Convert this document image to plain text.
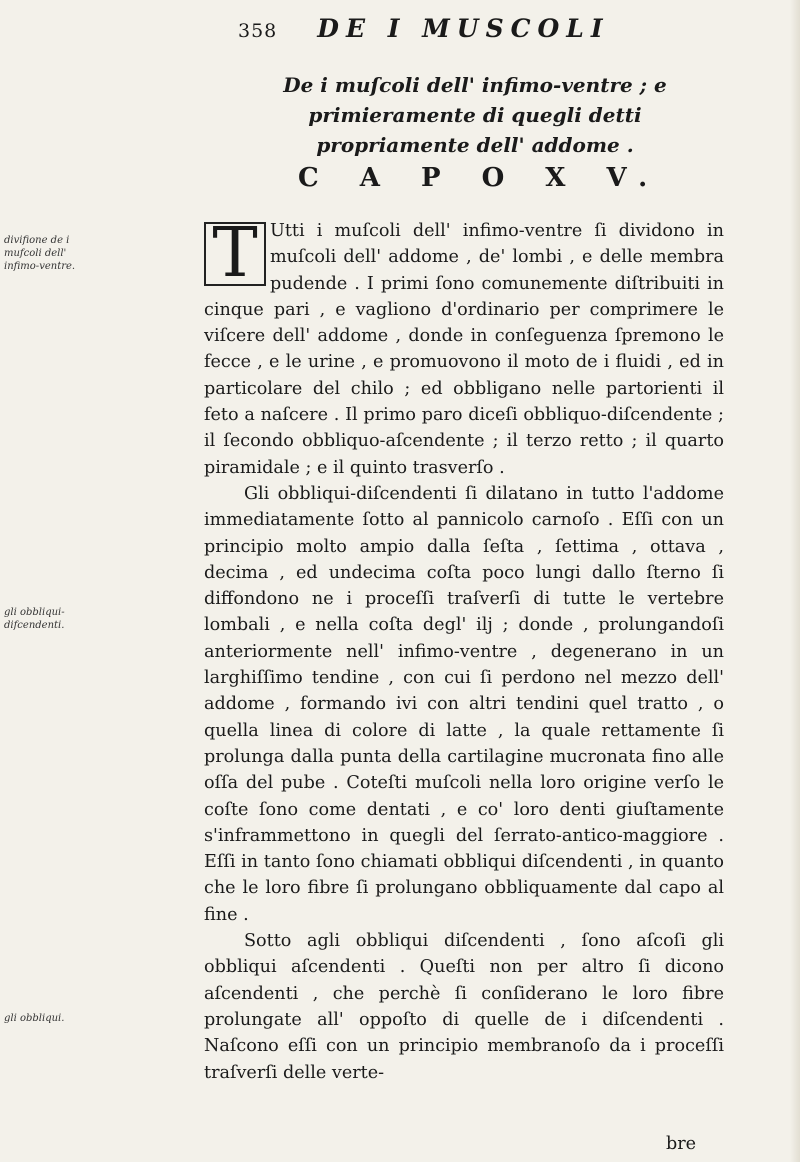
358 DE I MUSCOLI
De i muſcoli dell' infimo-ventre ; e primieramente di quegli detti propriamente dell' addome .
C A P O X V.
divifione de i mufcoli dell' infimo-ventre.
gli obbliqui-difcendenti.
gli obbliqui.

T Utti i muſcoli dell' infimo-ventre ſi dividono in muſcoli dell' addome , de' lombi , e delle membra pudende . I primi ſono comunemente diſtribuiti in cinque pari , e vagliono d'ordinario per comprimere le viſcere dell' addome , donde in conſeguenza ſpremono le fecce , e le urine , e promuovono il moto de i fluidi , ed in particolare del chilo ; ed obbligano nelle partorienti il feto a naſcere . Il primo paro diceſi obbliquo-diſcendente ; il ſecondo obbliquo-aſcendente ; il terzo retto ; il quarto piramidale ; e il quinto trasverſo .

Gli obbliqui-diſcendenti ſi dilatano in tutto l'addome immediatamente ſotto al pannicolo carnoſo . Eſſi con un principio molto ampio dalla ſeſta , ſettima , ottava , decima , ed undecima coſta poco lungi dallo ſterno ſi diffondono ne i proceſſi traſverſi di tutte le vertebre lombali , e nella coſta degl' ilj ; donde , prolungandoſi anteriormente nell' infimo-ventre , degenerano in un larghiſſimo tendine , con cui ſi perdono nel mezzo dell' addome , formando ivi con altri tendini quel tratto , o quella linea di colore di latte , la quale rettamente ſi prolunga dalla punta della cartilagine mucronata fino alle oſſa del pube . Coteſti muſcoli nella loro origine verſo le coſte ſono come dentati , e co' loro denti giuſtamente s'inframmettono in quegli del ſerrato-antico-maggiore . Eſſi in tanto ſono chiamati obbliqui diſcendenti , in quanto che le loro fibre ſi prolungano obbliquamente dal capo al fine .

Sotto agli obbliqui diſcendenti , ſono aſcoſi gli obbliqui aſcendenti . Queſti non per altro ſi dicono aſcendenti , che perchè ſi conſiderano le loro fibre prolungate all' oppoſto di quelle de i diſcendenti . Naſcono eſſi con un principio membranoſo da i proceſſi traſverſi delle verte-

bre
